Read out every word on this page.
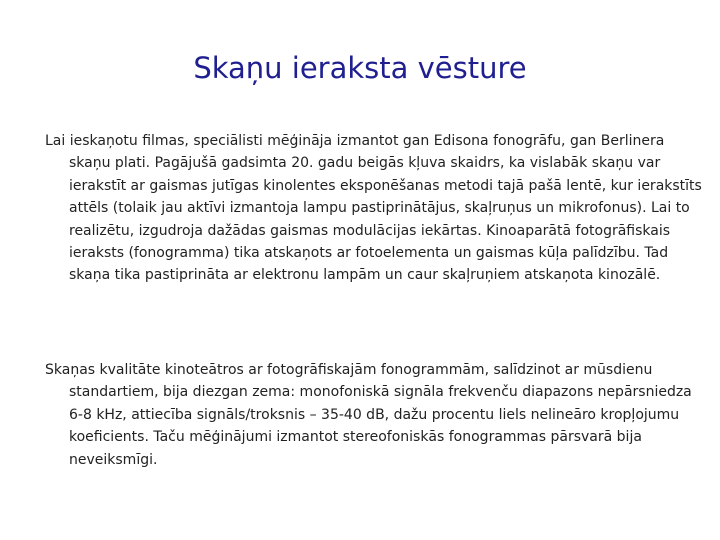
Skaņu ieraksta vēsture

Lai ieskaņotu filmas, speciālisti mēģināja izmantot gan Edisona fonogrāfu, gan Berlinera skaņu plati. Pagājušā gadsimta 20. gadu beigās kļuva skaidrs, ka vislabāk skaņu var ierakstīt ar gaismas jutīgas kinolentes eksponēšanas metodi tajā pašā lentē, kur ierakstīts attēls (tolaik jau aktīvi izmantoja lampu pastiprinātājus, skaļruņus un mikrofonus). Lai to realizētu, izgudroja dažādas gaismas modulācijas iekārtas. Kinoaparātā fotogrāfiskais ieraksts (fonogramma) tika atskaņots ar fotoelementa un gaismas kūļa palīdzību. Tad skaņa tika pastiprināta ar elektronu lampām un caur skaļruņiem atskaņota kinozālē.

Skaņas kvalitāte kinoteātros ar fotogrāfiskajām fonogrammām, salīdzinot ar mūsdienu standartiem, bija diezgan zema: monofoniskā signāla frekvenču diapazons nepārsniedza 6-8 kHz, attiecība signāls/troksnis – 35-40 dB, dažu procentu liels nelineāro kropļojumu koeficients. Taču mēģinājumi izmantot stereofoniskās fonogrammas pārsvarā bija neveiksmīgi.
